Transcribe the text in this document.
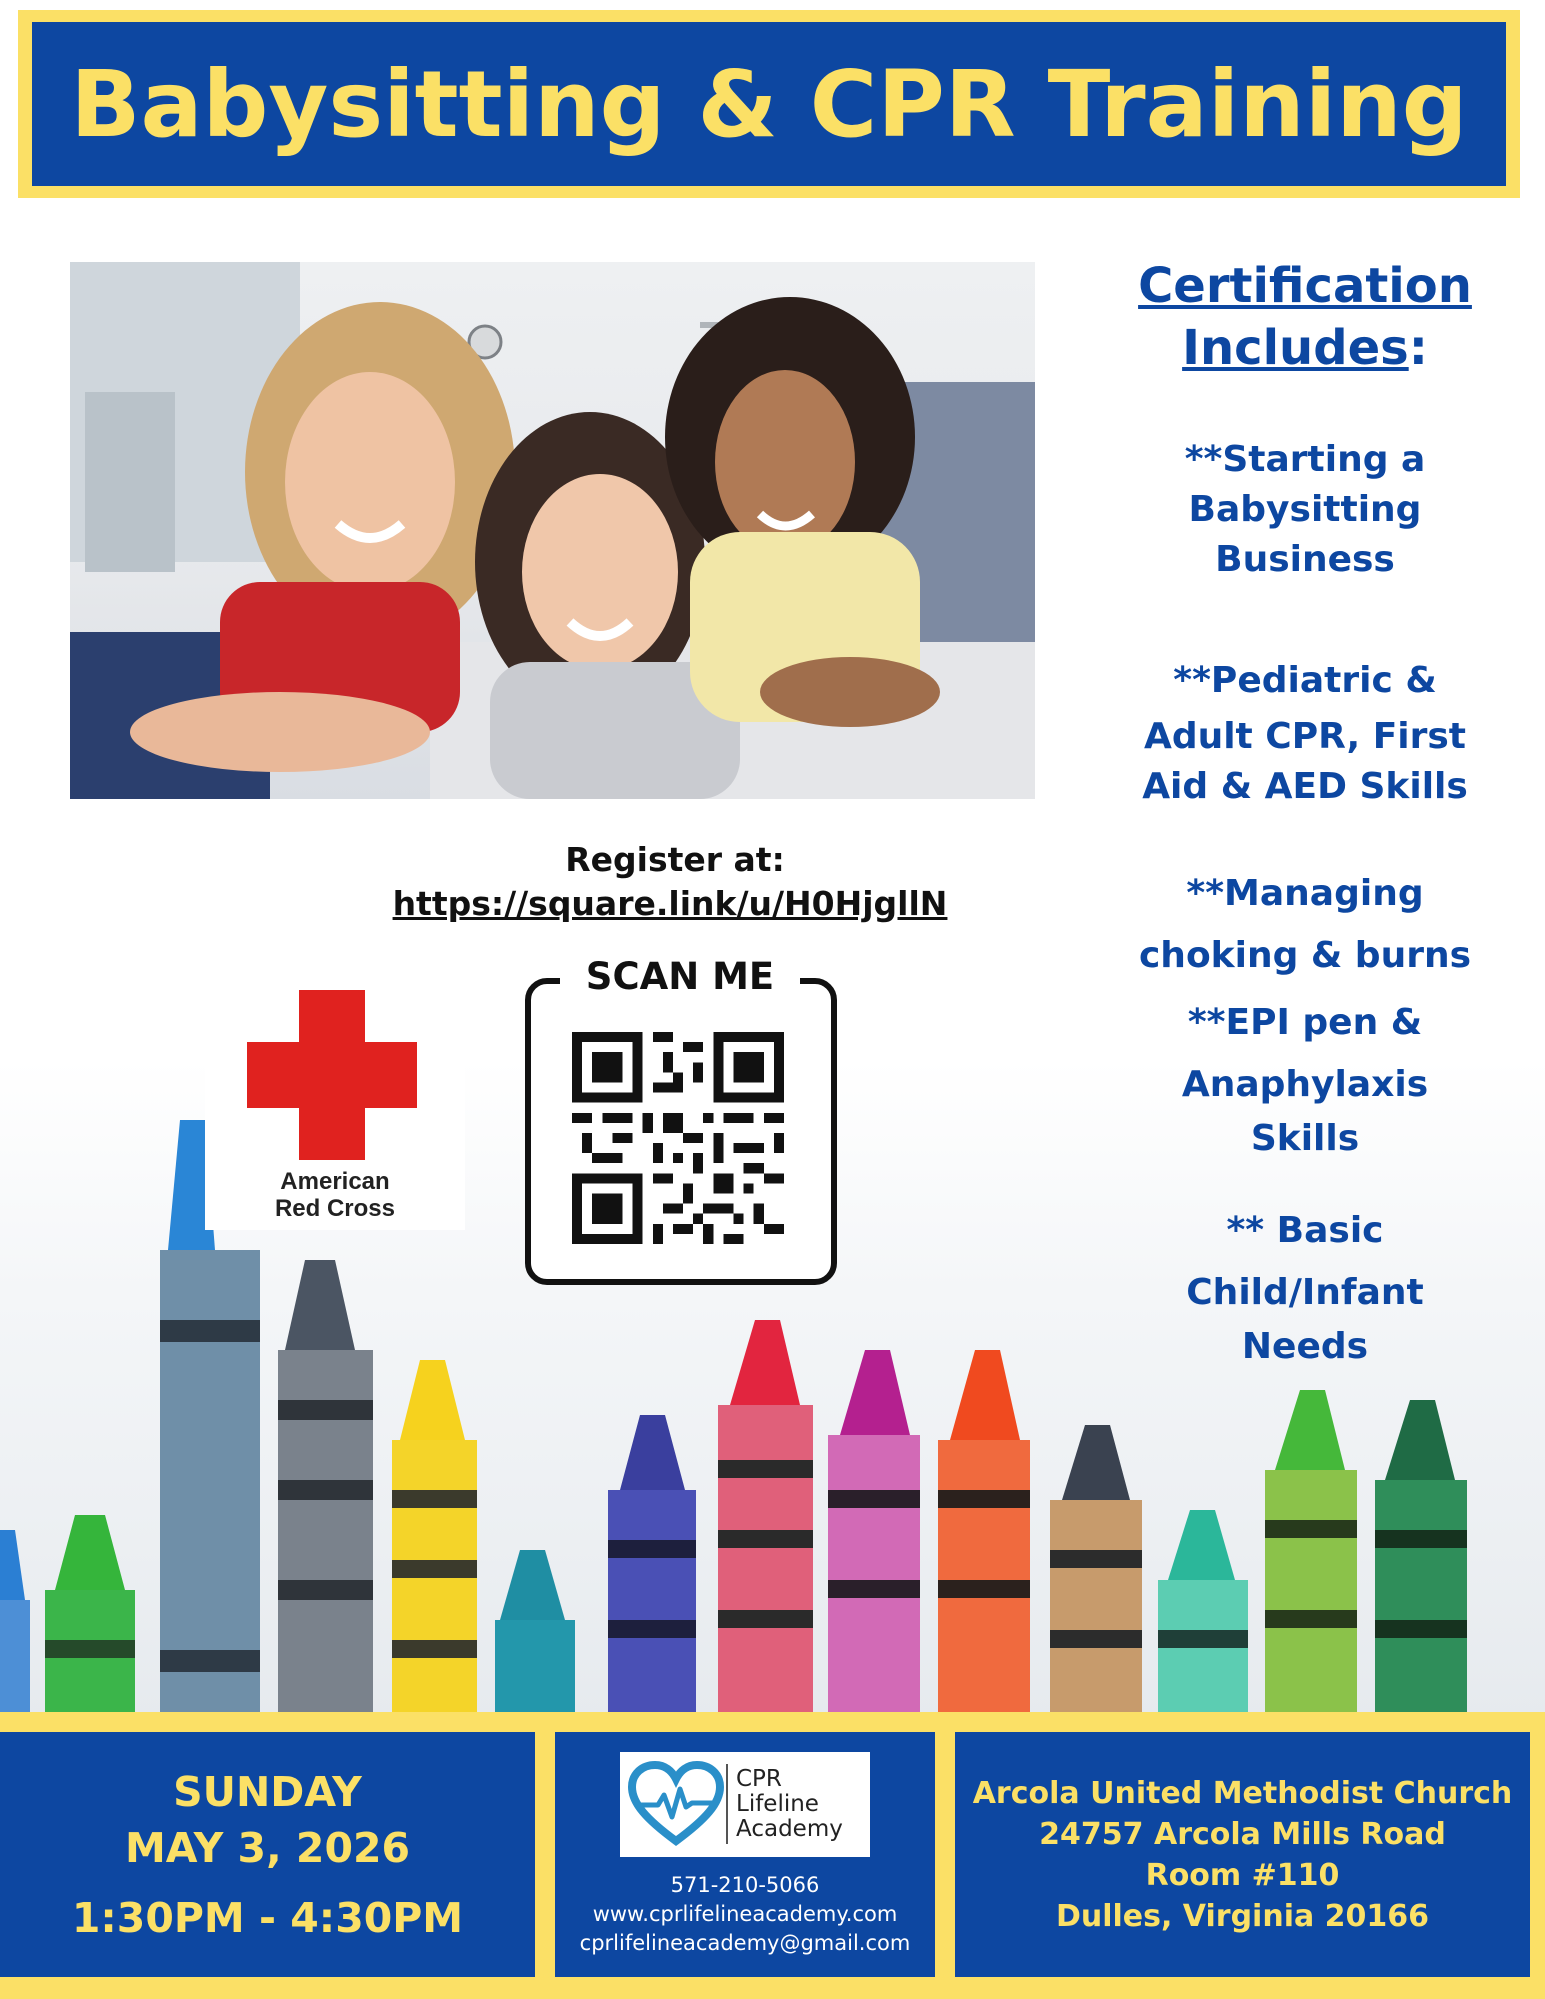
Babysitting & CPR Training
Register at:
https://square.link/u/H0HjgllN
American
Red Cross
SCAN ME
Certification
Includes:
**Starting a
Babysitting
Business
**Pediatric &
Adult CPR, First
Aid & AED Skills
**Managing
choking & burns
**EPI pen &
Anaphylaxis
Skills
** Basic
Child/Infant
Needs
SUNDAY
MAY 3, 2026
1:30PM - 4:30PM
CPR
Lifeline
Academy
571-210-5066
www.cprlifelineacademy.com
cprlifelineacademy@gmail.com
Arcola United Methodist Church
24757 Arcola Mills Road
Room #110
Dulles, Virginia 20166
